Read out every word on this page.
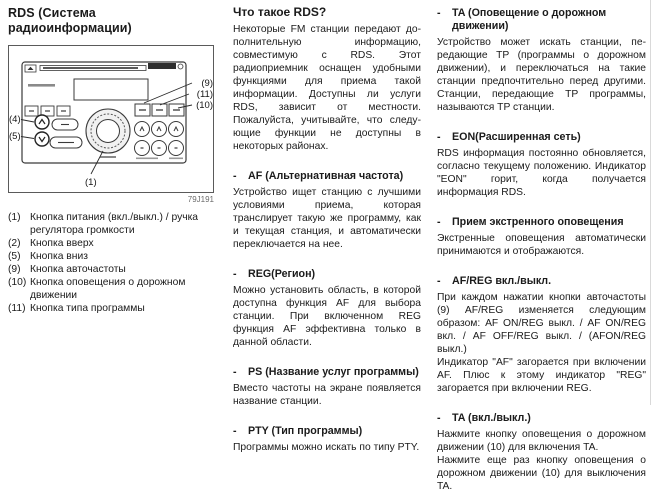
RDS (Система радиоинформации)
(9)
(11)
(10)
(4)
(5)
(1)
79J191
(1) Кнопка питания (вкл./выкл.) / ручка регулятора громкости
(2) Кнопка вверх
(5) Кнопка вниз
(9) Кнопка авточастоты
(10) Кнопка оповещения о дорожном движении
(11) Кнопка типа программы
Что такое RDS?

Некоторые FM станции передают дополнительную информацию, совместимую с RDS. Этот радиоприемник оснащен удобными функциями для приема такой информации. Доступны ли услуги RDS, зависит от местности. Пожалуйста, учитывайте, что следующие функции не доступны в некоторых районах.

-	AF (Альтернативная частота)

Устройство ищет станцию с лучшими условиями приема, которая транслирует такую же программу, как и текущая станция, и автоматически переключается на нее.

-	REG(Регион)

Можно установить область, в которой доступна функция AF для выбора станции. При включенном REG функция AF эффективна только в данной области.

-	PS (Название услуг программы)

Вместо частоты на экране появляется название станции.

-	PTY (Тип программы)

Программы можно искать по типу PTY.

-	TA (Оповещение о дорожном движении)

Устройство может искать станции, передающие TP (программы о дорожном движении), и переключаться на такие станции предпочтительно перед другими. Станции, передающие TP программы, называются TP станции.

-	EON(Расширенная сеть)

RDS информация постоянно обновляется, согласно текущему положению. Индикатор "EON" горит, когда получается информация RDS.

-	Прием экстренного оповещения

Экстренные оповещения автоматически принимаются и отображаются.

-	AF/REG вкл./выкл.

При каждом нажатии кнопки авточастоты (9) AF/REG изменяется следующим образом: AF ON/REG выкл. / AF ON/REG вкл. / AF OFF/REG выкл. / (AFON/REG выкл.)

Индикатор "AF" загорается при включении AF. Плюс к этому индикатор "REG" загорается при включении REG.

-	TA (вкл./выкл.)

Нажмите кнопку оповещения о дорожном движении (10) для включения TA.

Нажмите еще раз кнопку оповещения о дорожном движении (10) для выключения TA.
